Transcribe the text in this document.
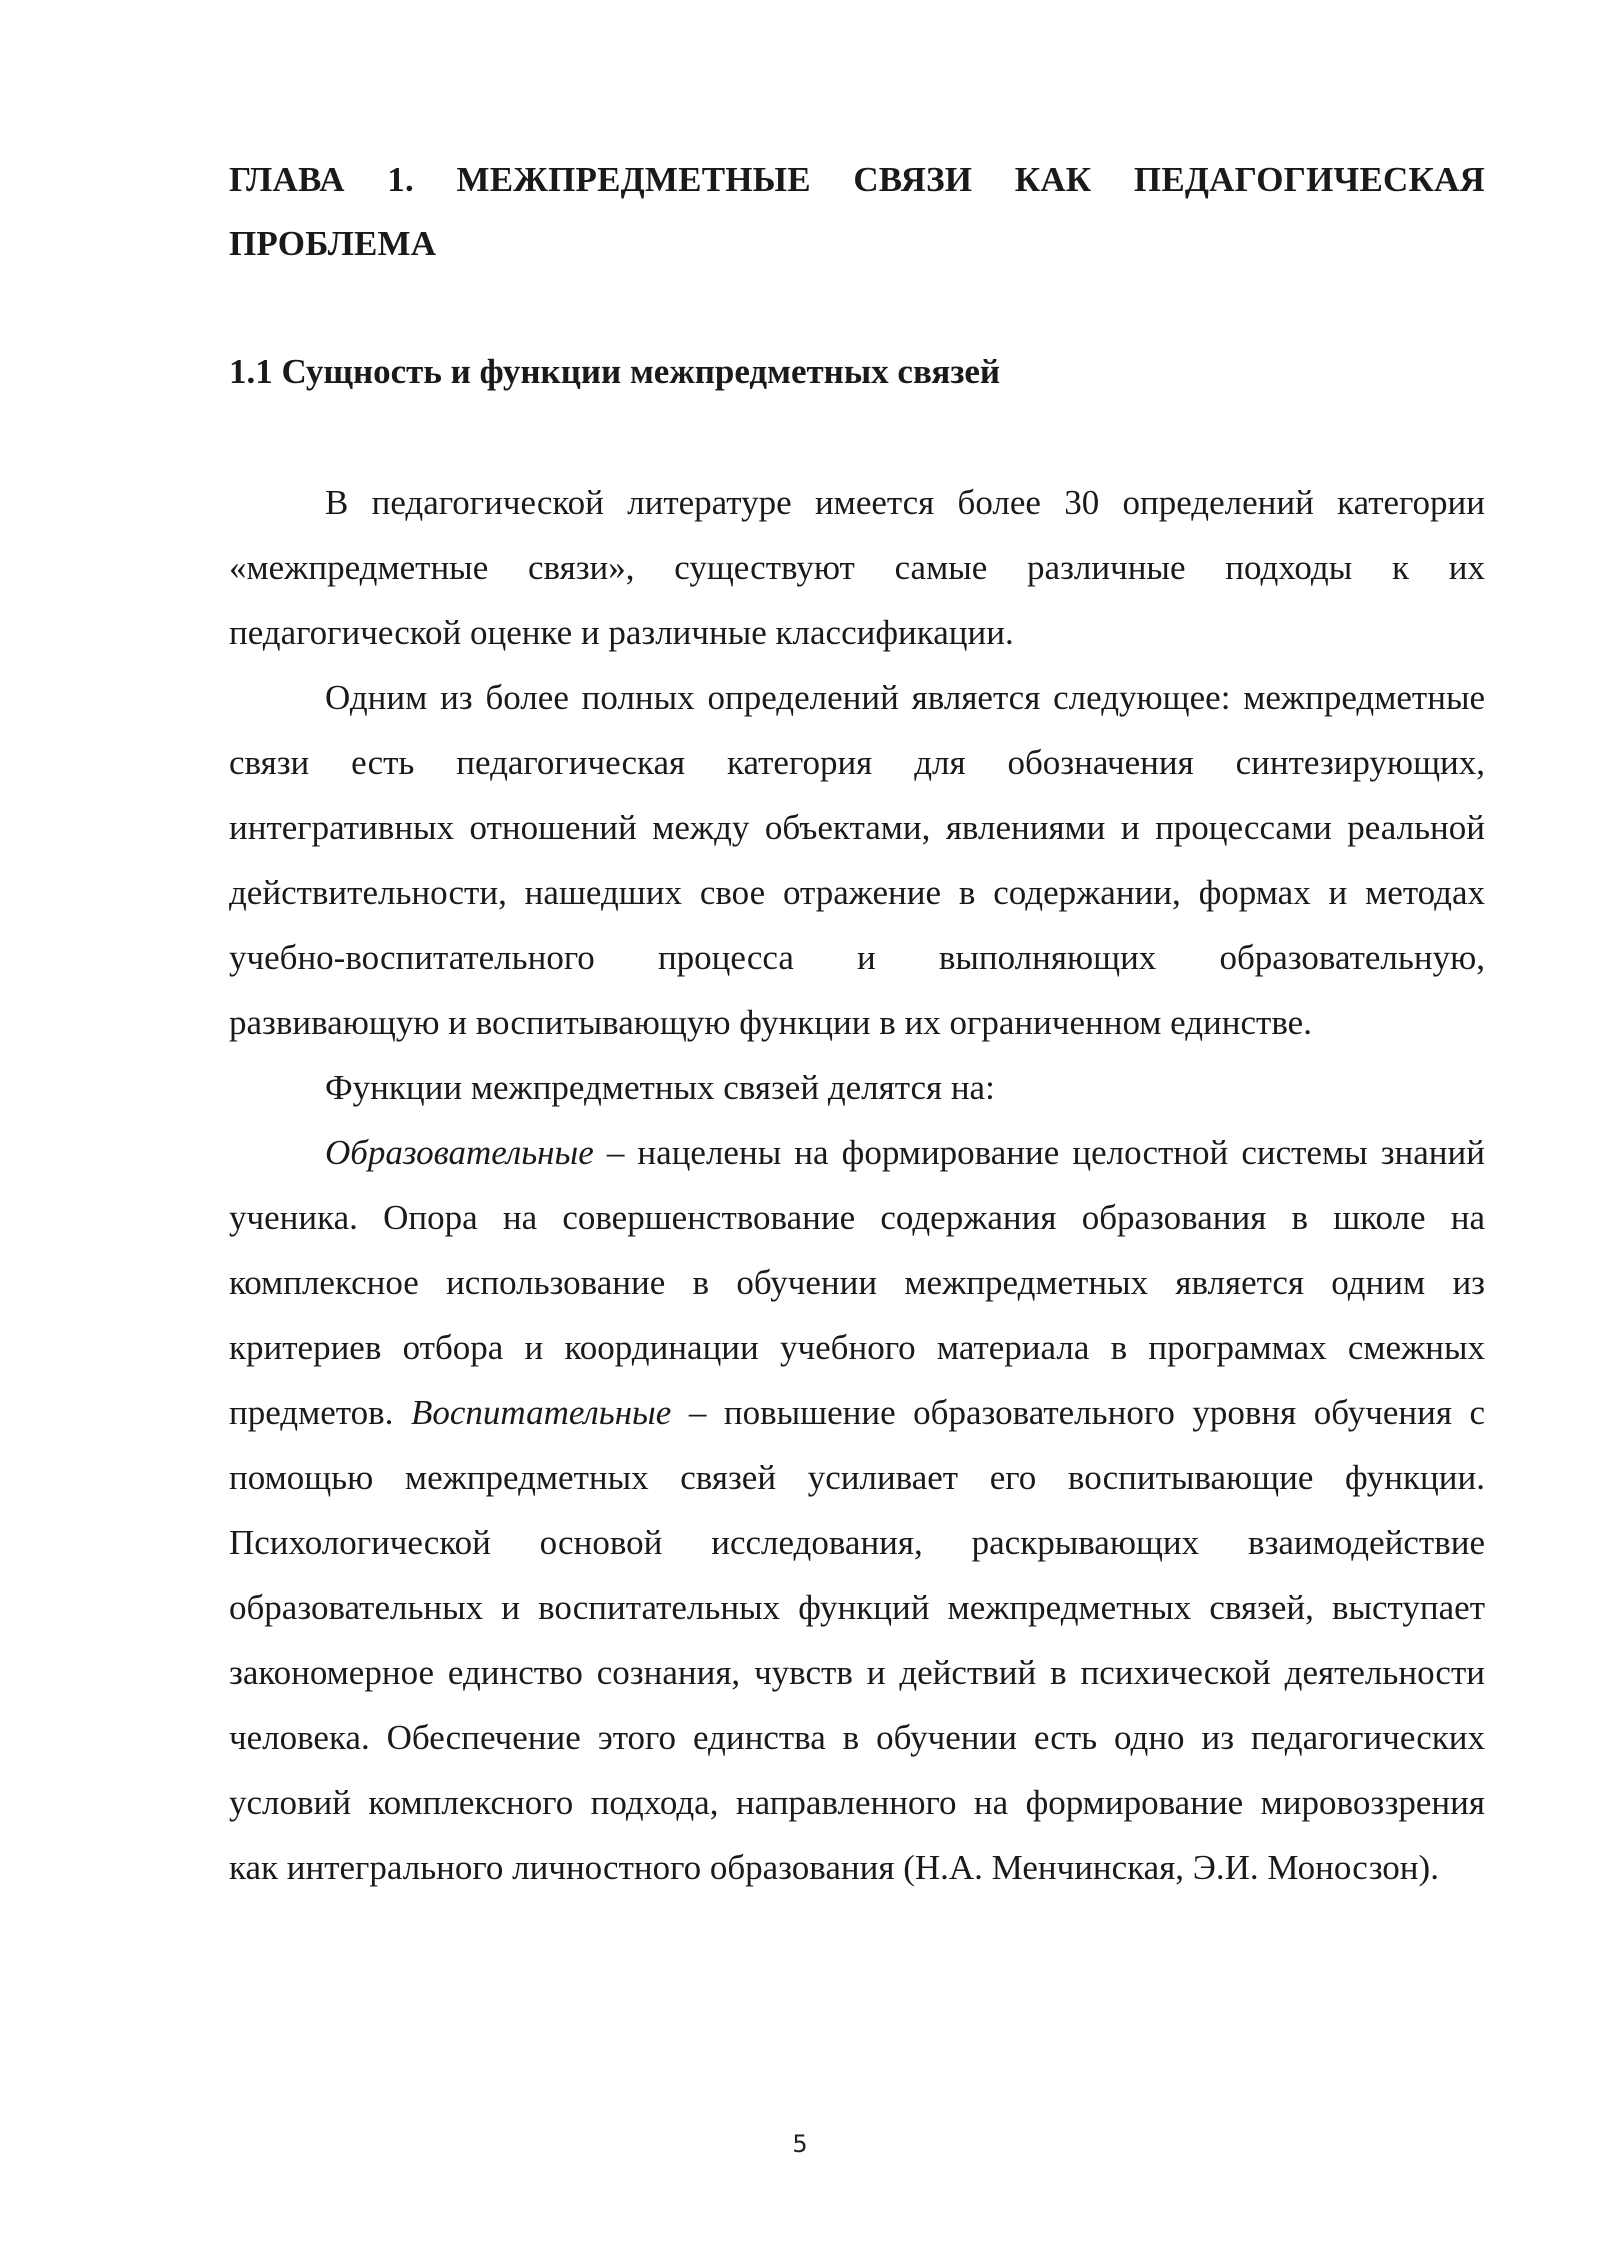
ГЛАВА 1. МЕЖПРЕДМЕТНЫЕ СВЯЗИ КАК ПЕДАГОГИЧЕСКАЯ ПРОБЛЕМА
1.1 Сущность и функции межпредметных связей

В педагогической литературе имеется более 30 определений категории «межпредметные связи», существуют самые различные подходы к их педагогической оценке и различные классификации.

Одним из более полных определений является следующее: межпредметные связи есть педагогическая категория для обозначения синтезирующих, интегративных отношений между объектами, явлениями и процессами реальной действительности, нашедших свое отражение в содержании, формах и методах учебно-воспитательного процесса и выполняющих образовательную, развивающую и воспитывающую функции в их ограниченном единстве.

Функции межпредметных связей делятся на:

Образовательные – нацелены на формирование целостной системы знаний ученика. Опора на совершенствование содержания образования в школе на комплексное использование в обучении межпредметных является одним из критериев отбора и координации учебного материала в программах смежных предметов. Воспитательные – повышение образовательного уровня обучения с помощью межпредметных связей усиливает его воспитывающие функции. Психологической основой исследования, раскрывающих взаимодействие образовательных и воспитательных функций межпредметных связей, выступает закономерное единство сознания, чувств и действий в психической деятельности человека. Обеспечение этого единства в обучении есть одно из педагогических условий комплексного подхода, направленного на формирование мировоззрения как интегрального личностного образования (Н.А. Менчинская, Э.И. Моносзон).

5
